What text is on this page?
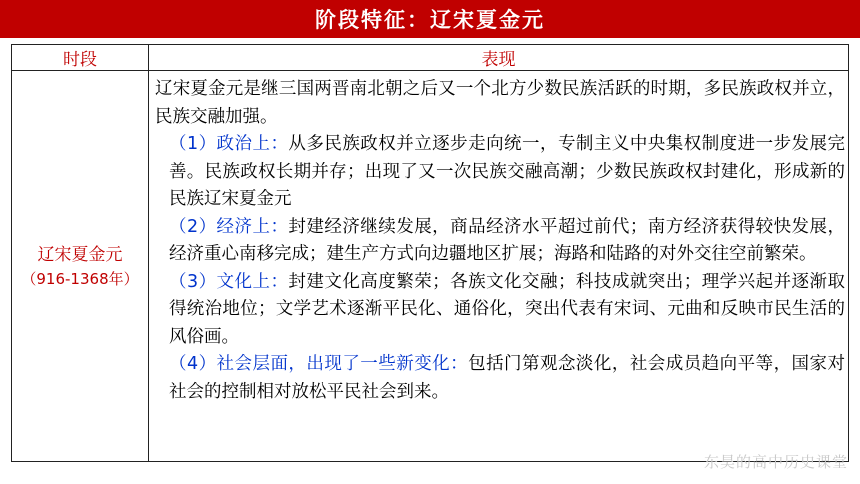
阶段特征：辽宋夏金元
时段	表现
辽宋夏金元
（916-1368年）

辽宋夏金元是继三国两晋南北朝之后又一个北方少数民族活跃的时期，多民族政权并立，民族交融加强。

（1）政治上：从多民族政权并立逐步走向统一，专制主义中央集权制度进一步发展完善。民族政权长期并存；出现了又一次民族交融高潮；少数民族政权封建化，形成新的民族辽宋夏金元

（2）经济上：封建经济继续发展，商品经济水平超过前代；南方经济获得较快发展，经济重心南移完成；建生产方式向边疆地区扩展；海路和陆路的对外交往空前繁荣。

（3）文化上：封建文化高度繁荣；各族文化交融；科技成就突出；理学兴起并逐渐取得统治地位；文学艺术逐渐平民化、通俗化，突出代表有宋词、元曲和反映市民生活的风俗画。

（4）社会层面，出现了一些新变化：包括门第观念淡化，社会成员趋向平等，国家对社会的控制相对放松平民社会到来。

东昊的高中历史课堂
